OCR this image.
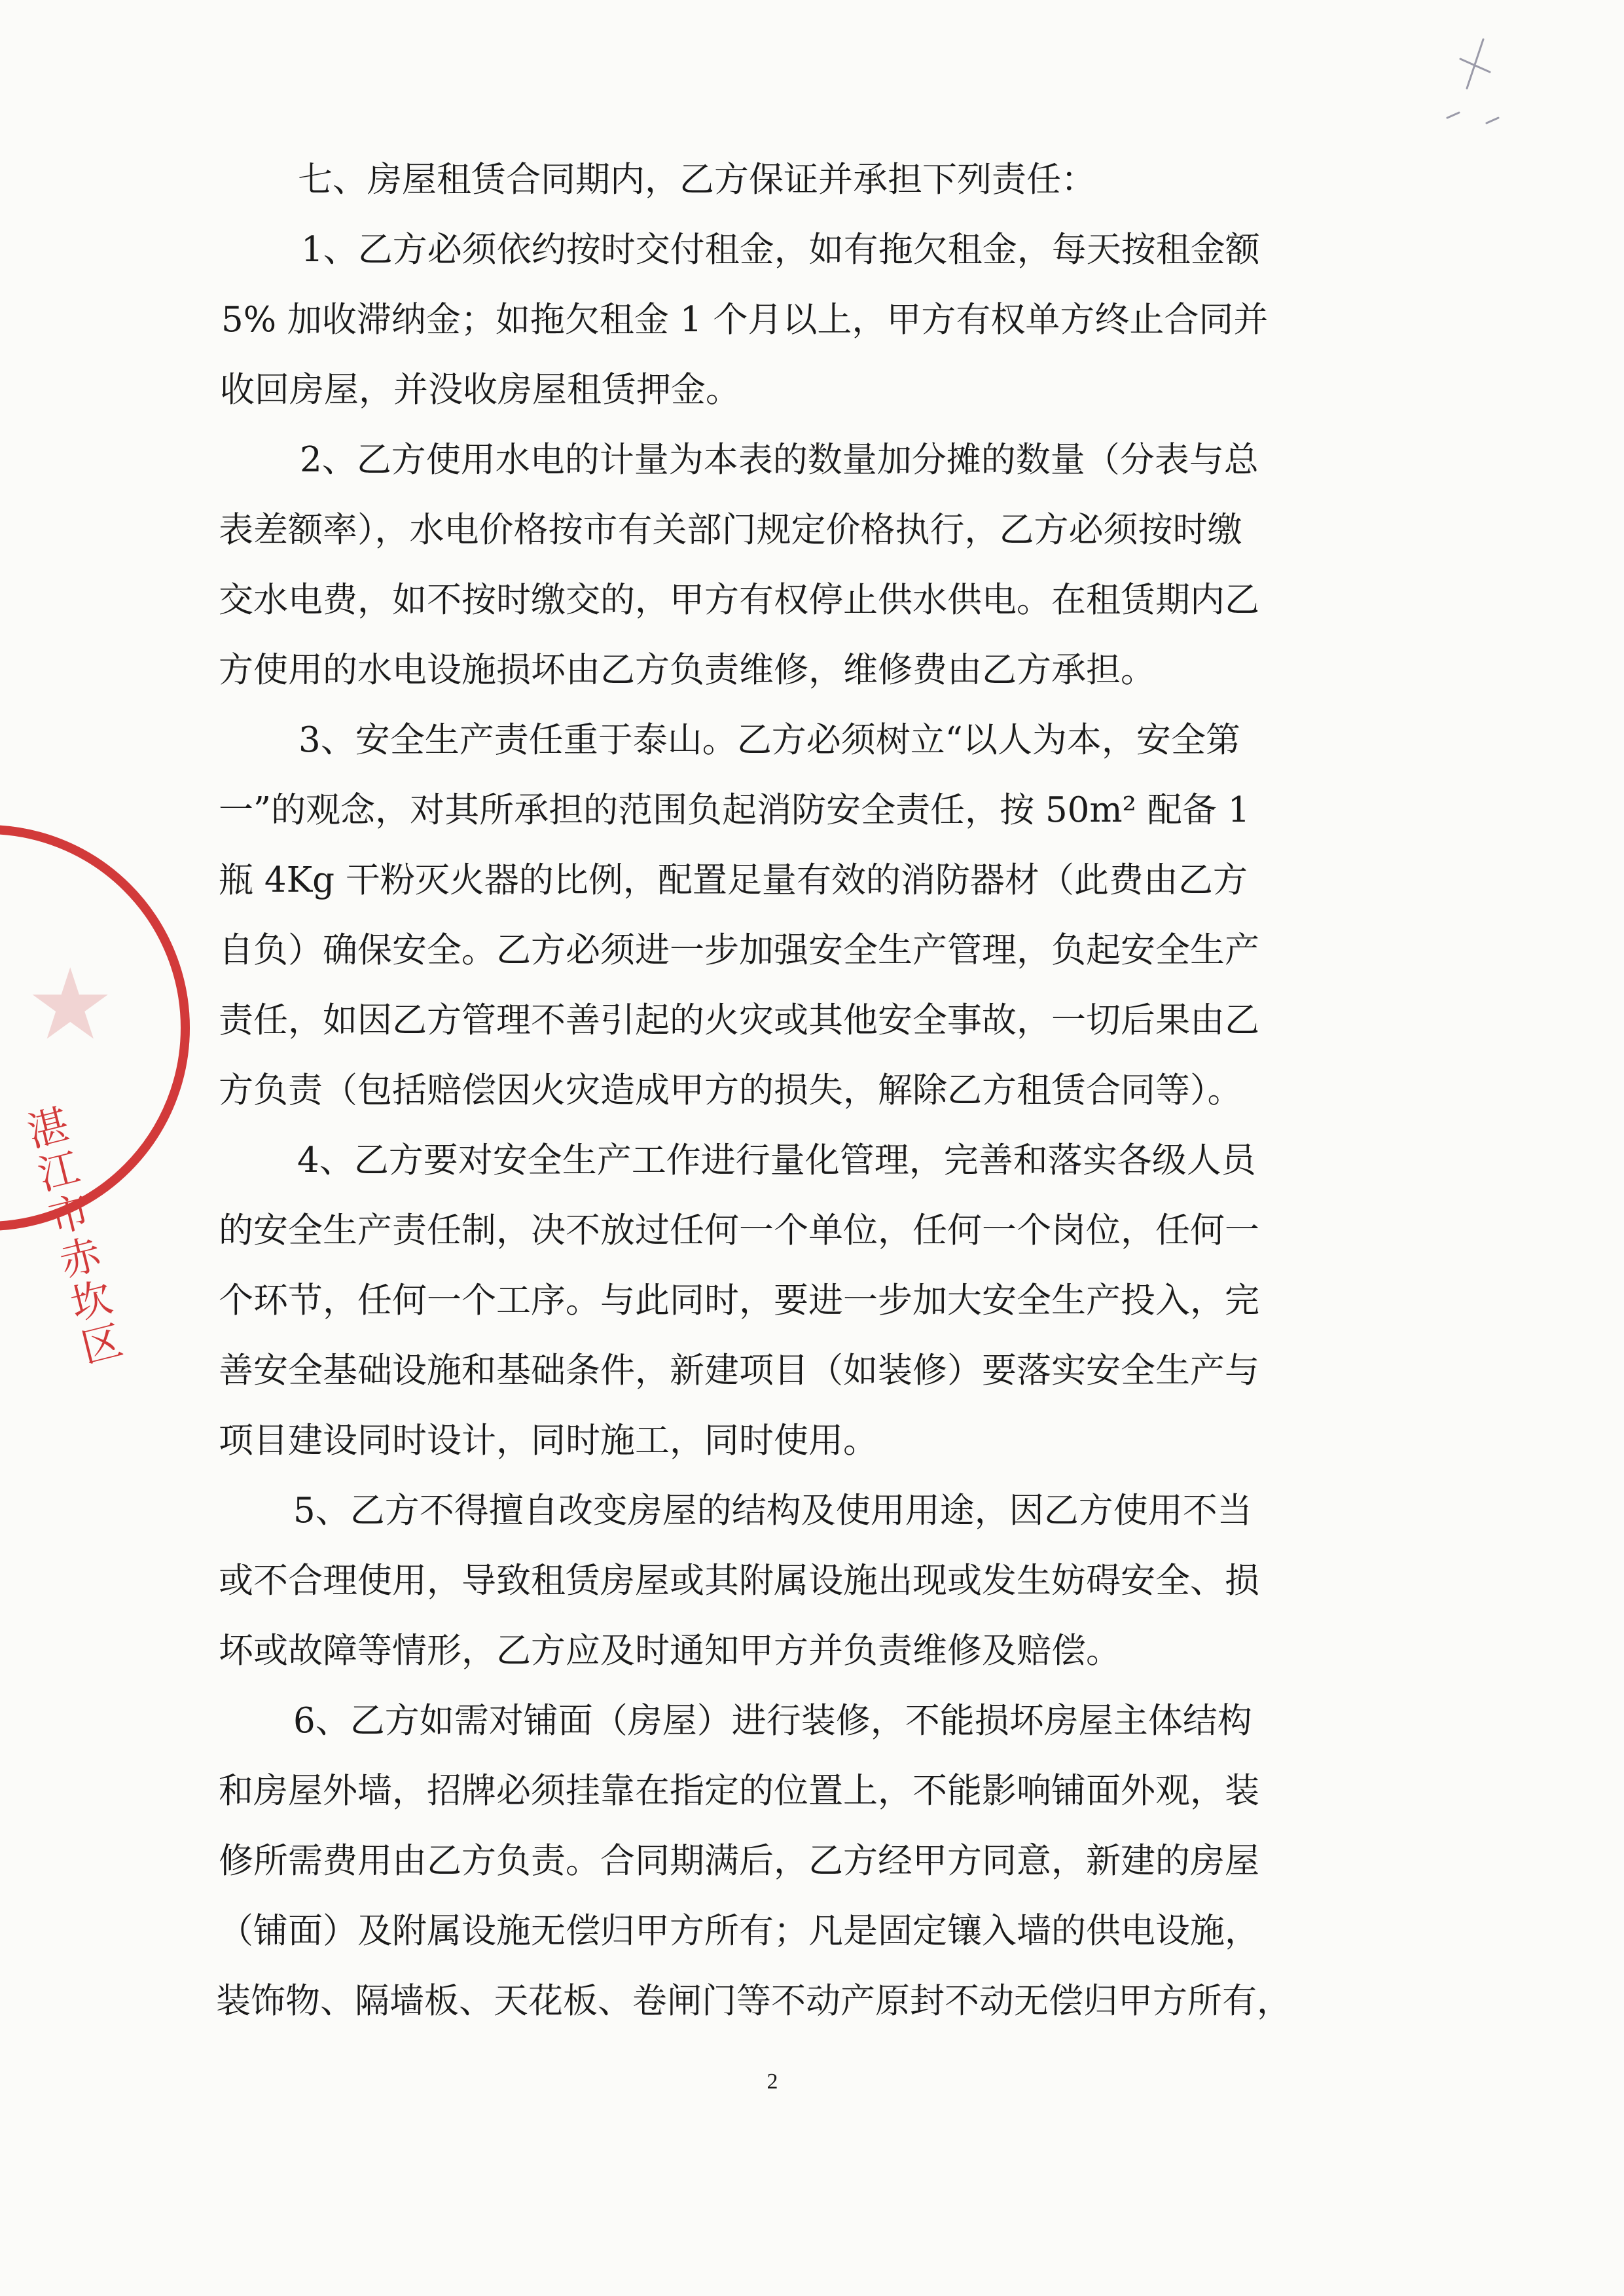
★
湛江市赤坎区
七、房屋租赁合同期内，乙方保证并承担下列责任：
1、乙方必须依约按时交付租金，如有拖欠租金，每天按租金额
5% 加收滞纳金；如拖欠租金 1 个月以上，甲方有权单方终止合同并
收回房屋，并没收房屋租赁押金。
2、乙方使用水电的计量为本表的数量加分摊的数量（分表与总
表差额率），水电价格按市有关部门规定价格执行，乙方必须按时缴
交水电费，如不按时缴交的，甲方有权停止供水供电。在租赁期内乙
方使用的水电设施损坏由乙方负责维修，维修费由乙方承担。
3、安全生产责任重于泰山。乙方必须树立“以人为本，安全第
一”的观念，对其所承担的范围负起消防安全责任，按 50m² 配备 1
瓶 4Kg 干粉灭火器的比例，配置足量有效的消防器材（此费由乙方
自负）确保安全。乙方必须进一步加强安全生产管理，负起安全生产
责任，如因乙方管理不善引起的火灾或其他安全事故，一切后果由乙
方负责（包括赔偿因火灾造成甲方的损失，解除乙方租赁合同等）。
4、乙方要对安全生产工作进行量化管理，完善和落实各级人员
的安全生产责任制，决不放过任何一个单位，任何一个岗位，任何一
个环节，任何一个工序。与此同时，要进一步加大安全生产投入，完
善安全基础设施和基础条件，新建项目（如装修）要落实安全生产与
项目建设同时设计，同时施工，同时使用。
5、乙方不得擅自改变房屋的结构及使用用途，因乙方使用不当
或不合理使用，导致租赁房屋或其附属设施出现或发生妨碍安全、损
坏或故障等情形，乙方应及时通知甲方并负责维修及赔偿。
6、乙方如需对铺面（房屋）进行装修，不能损坏房屋主体结构
和房屋外墙，招牌必须挂靠在指定的位置上，不能影响铺面外观，装
修所需费用由乙方负责。合同期满后，乙方经甲方同意，新建的房屋
（铺面）及附属设施无偿归甲方所有；凡是固定镶入墙的供电设施，
装饰物、隔墙板、天花板、卷闸门等不动产原封不动无偿归甲方所有，
2
